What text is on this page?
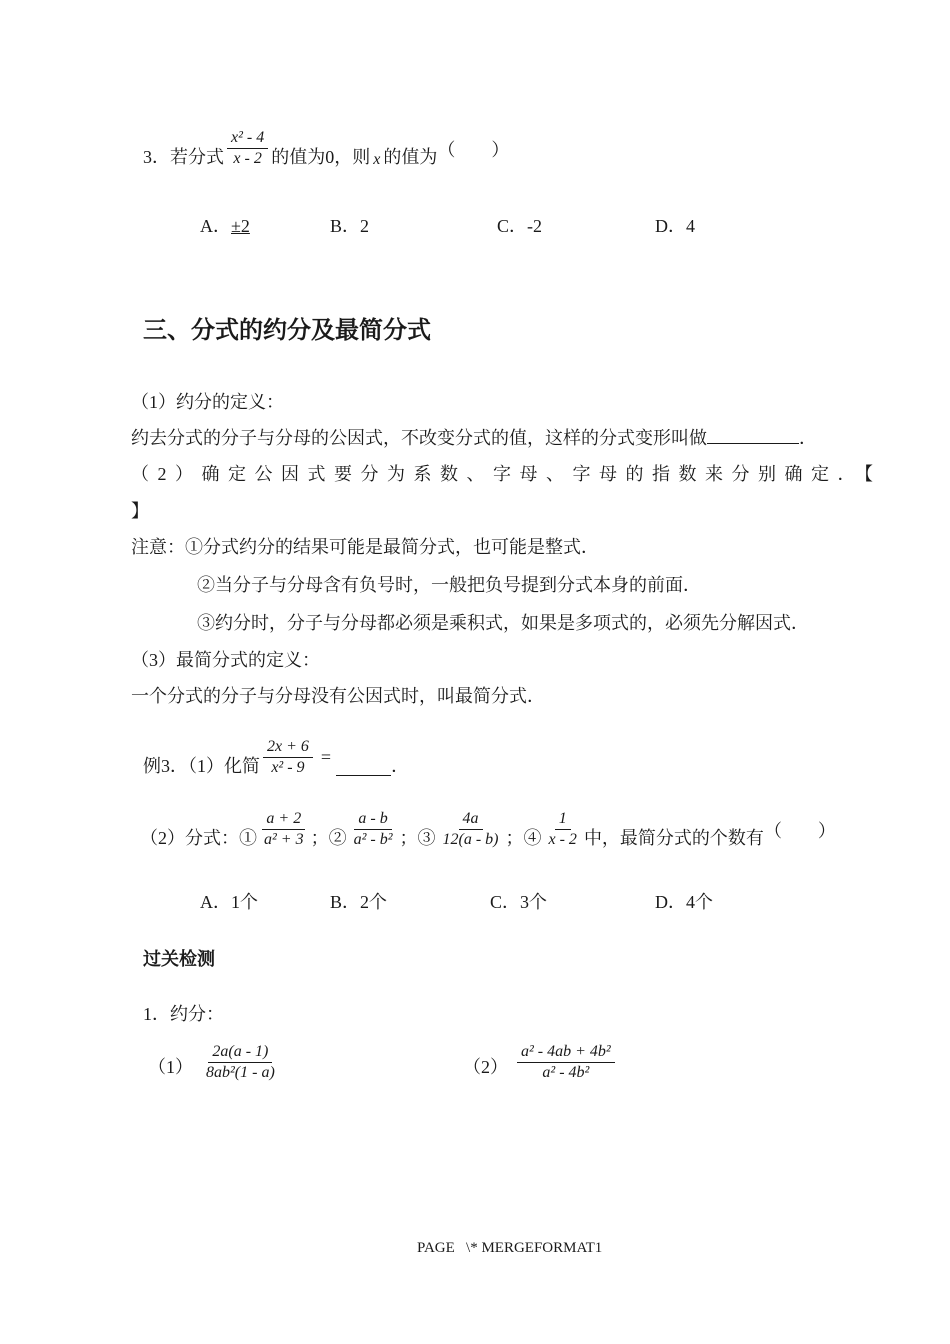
3．若分式 $\frac{\text{x² - 4}}{x - 2}$ 的值为0，则 x 的值为 （　　）
A．±2	B．2	C．-2	D．4
三、分式的约分及最简分式
（1）约分的定义：
约去分式的分子与分母的公因式，不改变分式的值，这样的分式变形叫做	．
（2）确定公因式要分为系数、字母、字母的指数来分别确定．【
】
注意：①分式约分的结果可能是最简分式，也可能是整式．
②当分子与分母含有负号时，一般把负号提到分式本身的前面．
③约分时，分子与分母都必须是乘积式，如果是多项式的，必须先分解因式．
（3）最简分式的定义：
一个分式的分子与分母没有公因式时，叫最简分式．
例3．（1）化简 $\frac{2x + 6}{\text{x² - 9}}$ =	．
（2）分式：① $\frac{a + 2}{\text{a² + 3}}$ ；② $\frac{a - b}{\text{a² - b²}}$ ；③ $\frac{4a}{12(a - b)}$ ；④ $\frac{1}{x - 2}$ 中，最简分式的个数有 （　　）
A．1个	B．2个	C．3个	D．4个
过关检测
1．约分：
$(1) \frac{2a(a - 1)}{\text{8ab²(1 - a)}}$	$(2) \frac{\text{a² - 4ab + 4b²}}{\text{a² - 4b²}}$
PAGE   \* MERGEFORMAT1
